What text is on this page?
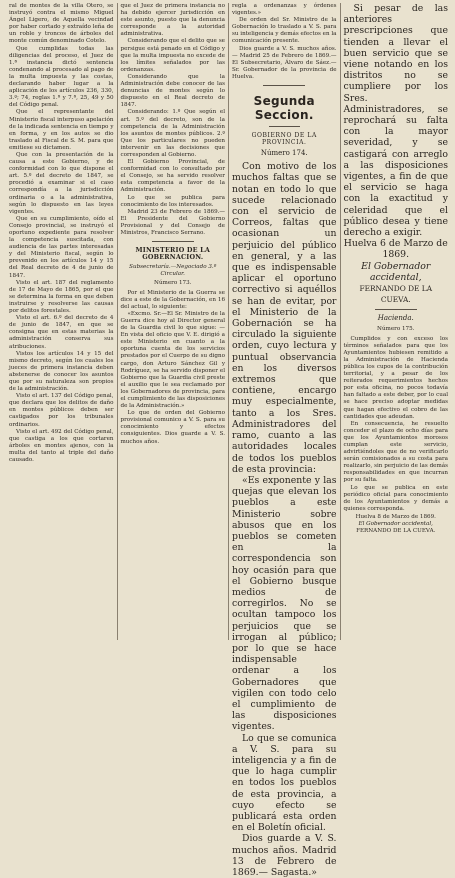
ral de montes de la villa Otero, se instruyó contra el mismo Miguel Ángel Ligero, de Aquella vecindad por haber cortado y extraído leña de un roble y troncos de árboles del monte común denominado Cotelo.

Que cumplidas todas las diligencias del proceso, el Juez de 1.ª instancia dictó sentencia condenando al procesado al pago de la multa impuesta y las costas, declarando haber lugar a la aplicación de los artículos 236, 330, 3.º; 74, reglas 1.ª y 7.ª, 25, 49 y 50 del Código penal.

Que el representante del Ministerio fiscal interpuso apelación de la indicada sentencia en tiempo y en forma, y en los autos se dio traslado al Fiscal de S. M. para que emitiese su dictamen.

Que con la presentación de la causa a este Gobierno, y de conformidad con lo que dispone el art. 5.º del decreto de 1847, se procedió a examinar si el caso correspondía a la jurisdicción ordinaria o a la administrativa, según lo dispuesto en las leyes vigentes.

Que en su cumplimiento, oído el Consejo provincial, se instruyó el oportuno expediente para resolver la competencia suscitada, con audiencia de las partes interesadas y del Ministerio fiscal, según lo prevenido en los artículos 14 y 15 del Real decreto de 4 de junio de 1847.

Visto el art. 187 del reglamento de 17 de Mayo de 1865, por el que se determina la forma en que deben instruirse y resolverse las causas por delitos forestales.

Visto el art. 6.º del decreto de 4 de junio de 1847, en que se consigna que en estas materias la administración conserva sus atribuciones.

Vistos los artículos 14 y 15 del mismo decreto, según los cuales los jueces de primera instancia deben abstenerse de conocer los asuntos que por su naturaleza son propios de la administración.

Visto el art. 137 del Código penal, que declara que los delitos de daño en montes públicos deben ser castigados por los tribunales ordinarios.

Visto el art. 492 del Código penal, que castiga a los que cortaren árboles en montes ajenos, con la multa del tanto al triple del daño causado.

que el Juez de primera instancia no ha debido ejercer jurisdicción en este asunto, puesto que la denuncia corresponde a la autoridad administrativa.

Considerando que el delito que se persigue está penado en el Código y que la multa impuesta no excede de los límites señalados por las ordenanzas.

Considerando que la Administración debe conocer de las denuncias de montes según lo dispuesto en el Real decreto de 1847.

Considerando: 1.º Que según el art. 5.º del decreto, son de la competencia de la Administración los asuntos de montes públicos. 2.º Que los particulares no pueden intervenir en las decisiones que corresponden al Gobierno.

El Gobierno Provincial, de conformidad con lo consultado por el Consejo, se ha servido resolver esta competencia a favor de la Administración.

Lo que se publica para conocimiento de los interesados.

Madrid 23 de Febrero de 1869.—El Presidente del Gobierno Provisional y del Consejo de Ministros, Francisco Serrano.

MINISTERIO DE LA GOBERNACION.

Subsecretaría.—Negociado 3.º

Circular.

Número 173.

Por el Ministerio de la Guerra se dice a este de la Gobernación, en 16 del actual, lo siguiente:

«Excmo. Sr.—El Sr. Ministro de la Guerra dice hoy al Director general de la Guardia civil lo que sigue: —En vista del oficio que V. E. dirigió a este Ministerio en cuanto a la oportuna cuenta de los servicios prestados por el Cuerpo de su digno cargo, don Arturo Sánchez Gil y Rodríguez, se ha servido disponer el Gobierno que la Guardia civil preste el auxilio que le sea reclamado por los Gobernadores de provincia, para el cumplimiento de las disposiciones de la Administración.»

Lo que de orden del Gobierno provisional comunico a V. S. para su conocimiento y efectos consiguientes. Dios guarde a V. S. muchos años.

regla a ordenanzas y órdenes vigentes.»

De orden del Sr. Ministro de la Gobernación lo traslado a V. S. para su inteligencia y demás efectos en la comunicación presente.

Dios guarde a V. S. muchos años.— Madrid 25 de Febrero de 1869.—El Subsecretario, Álvaro de Sáez.—Sr. Gobernador de la provincia de Huelva.

Segunda Seccion.

GOBIERNO DE LA PROVINCIA.

Número 174.

Con motivo de los muchos faltas que se notan en todo lo que sucede relacionado con el servicio de Correos, faltas que ocasionan un perjuicio del público en general, y a las que es indispensable aplicar el oportuno correctivo si aquéllos se han de evitar, por el Ministerio de la Gobernación se ha circulado la siguiente orden, cuyo lectura y puntual observancia en los diversos extremos que contiene, encargo muy especialmente, tanto a los Sres. Administradores del ramo, cuanto a las autoridades locales de todos los pueblos de esta provincia:

«Es exponente y las quejas que elevan los pueblos a este Ministerio sobre abusos que en los pueblos se cometen en la correspondencia son hoy ocasión para que el Gobierno busque medios de corregirlos. No se ocultan tampoco los perjuicios que se irrogan al público; por lo que se hace indispensable ordenar a los Gobernadores que vigilen con todo celo el cumplimiento de las disposiciones vigentes.

Lo que se comunica a V. S. para su inteligencia y a fin de que lo haga cumplir en todos los pueblos de esta provincia, a cuyo efecto se publicará esta orden en el Boletín oficial.

Dios guarde a V. S. muchos años. Madrid 13 de Febrero de 1869.— Sagasta.»

Si pesar de las anteriores prescripciones que tienden a llevar el buen servicio que se viene notando en los distritos no se cumpliere por los Sres. Administradores, se reprochará su falta con la mayor severidad, y se castigará con arreglo a las disposiciones vigentes, a fin de que el servicio se haga con la exactitud y celeridad que el público desea y tiene derecho a exigir.

Huelva 6 de Marzo de 1869.

El Gobernador accidental,

FERNANDO DE LA CUEVA.

Hacienda.

Número 175.

Cumplidos y con exceso los términos señalados para que los Ayuntamientos hubiesen remitido a la Administración de Hacienda pública los cupos de la contribución territorial, y a pesar de los reiterados requerimientos hechos por esta oficina, no pocos todavía han faltado a este deber, por lo cual se hace preciso adoptar medidas que hagan efectivo el cobro de las cantidades que adeudan.

En consecuencia, he resuelto conceder el plazo de ocho días para que los Ayuntamientos morosos cumplan este servicio, advirtiéndoles que de no verificarlo serán comisionados a su costa para realizarlo, sin perjuicio de las demás responsabilidades en que incurran por su falta.

Lo que se publica en este periódico oficial para conocimiento de los Ayuntamientos y demás a quienes corresponda.

Huelva 8 de Marzo de 1869.

El Gobernador accidental,

FERNANDO DE LA CUEVA.
